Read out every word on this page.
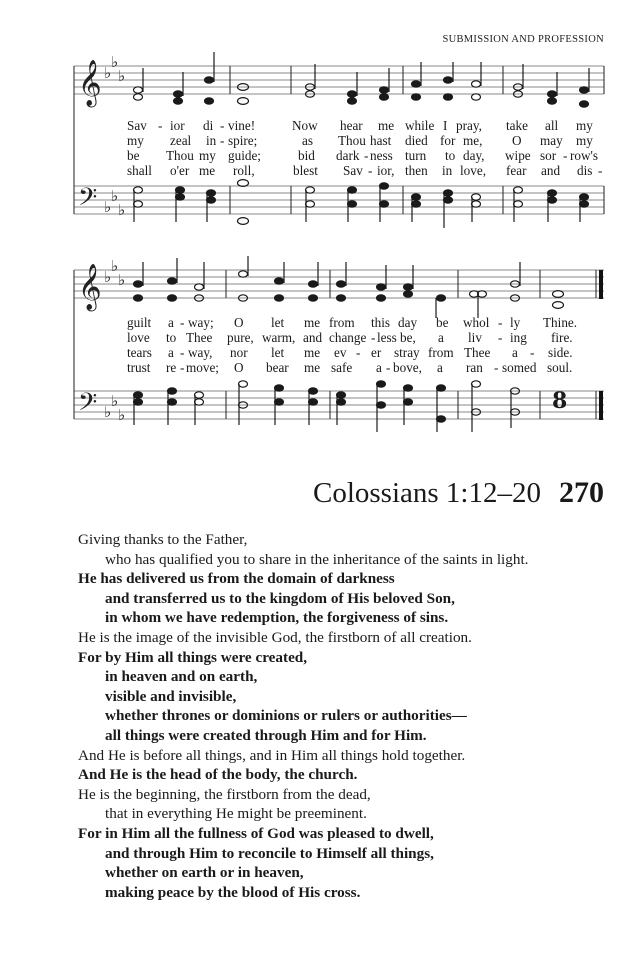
SUBMISSION AND PROFESSION
𝄞
𝄞
𝄢
𝄢
♭
♭
♭
♭
♭
♭
♭
♭
♭
♭
♭
♭
8
Sav - ior di - vine!	Now hear me while I pray, take all my
my zeal in - spire;	as Thou hast died for me, O may my
be Thou my guide;	bid dark - ness turn to day, wipe sor - row's
shall o'er me roll,	blest Sav - ior, then in love, fear and dis -
guilt a - way; O let me from this day be whol - ly Thine.
love to Thee pure, warm, and change - less be, a liv - ing fire.
tears a - way, nor let me ev - er stray from Thee a - side.
trust re - move; O bear me safe a - bove, a ran - somed soul.
Colossians 1:12–20 270
Giving thanks to the Father,
who has qualified you to share in the inheritance of the saints in light.
He has delivered us from the domain of darkness
and transferred us to the kingdom of His beloved Son,
in whom we have redemption, the forgiveness of sins.
He is the image of the invisible God, the firstborn of all creation.
For by Him all things were created,
in heaven and on earth,
visible and invisible,
whether thrones or dominions or rulers or authorities—
all things were created through Him and for Him.
And He is before all things, and in Him all things hold together.
And He is the head of the body, the church.
He is the beginning, the firstborn from the dead,
that in everything He might be preeminent.
For in Him all the fullness of God was pleased to dwell,
and through Him to reconcile to Himself all things,
whether on earth or in heaven,
making peace by the blood of His cross.
